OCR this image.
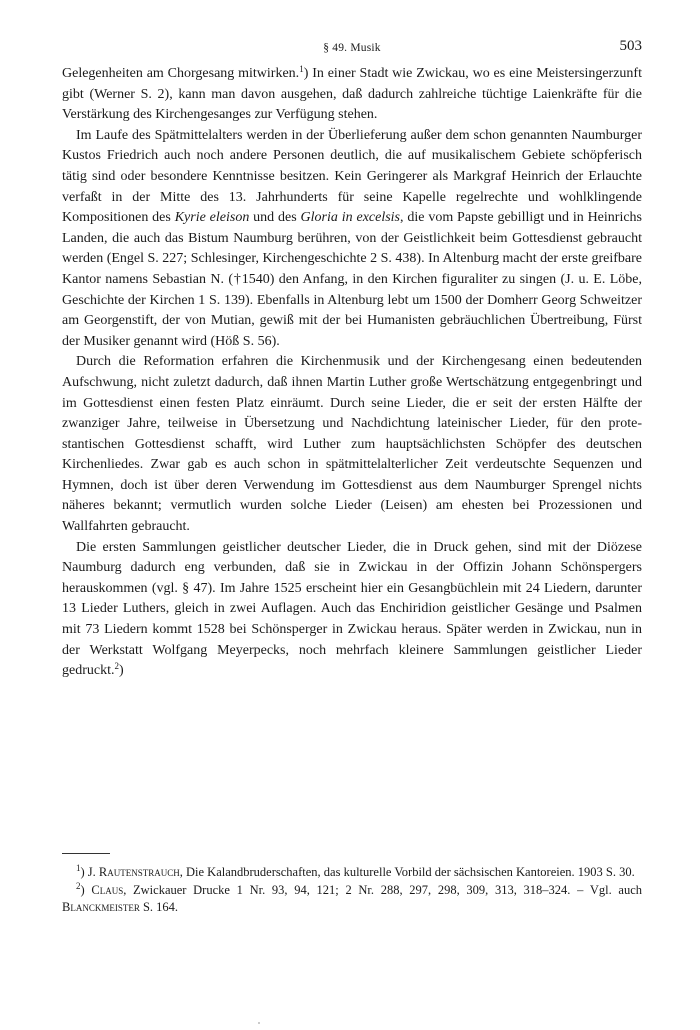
§ 49. Musik	503

Gelegenheiten am Chorgesang mitwirken.$^1$) In einer Stadt wie Zwickau, wo es eine Meistersingerzunft gibt (Werner S. 2), kann man davon ausgehen, daß dadurch zahlreiche tüchtige Laienkräfte für die Verstärkung des Kirchengesanges zur Verfügung stehen.

Im Laufe des Spätmittelalters werden in der Überlieferung außer dem schon genannten Naumburger Kustos Friedrich auch noch andere Personen deutlich, die auf musikalischem Gebiete schöpferisch tätig sind oder besondere Kenntnisse besitzen. Kein Geringerer als Markgraf Heinrich der Erlauchte verfaßt in der Mitte des 13. Jahrhunderts für seine Kapelle regelrechte und wohlklingende Kompositionen des Kyrie eleison und des Gloria in excelsis, die vom Papste gebilligt und in Heinrichs Landen, die auch das Bistum Naumburg berühren, von der Geistlichkeit beim Gottesdienst gebraucht werden (Engel S. 227; Schlesinger, Kirchengeschichte 2 S. 438). In Altenburg macht der erste greifbare Kantor namens Sebastian N. (†1540) den Anfang, in den Kirchen figuraliter zu singen (J. u. E. Löbe, Geschichte der Kirchen 1 S. 139). Ebenfalls in Altenburg lebt um 1500 der Domherr Georg Schweitzer am Georgenstift, der von Mutian, gewiß mit der bei Humanisten gebräuchlichen Übertreibung, Fürst der Musiker genannt wird (Höß S. 56).

Durch die Reformation erfahren die Kirchenmusik und der Kirchengesang einen bedeutenden Aufschwung, nicht zuletzt dadurch, daß ihnen Martin Luther große Wertschätzung entgegenbringt und im Gottesdienst einen festen Platz einräumt. Durch seine Lieder, die er seit der ersten Hälfte der zwanziger Jahre, teilweise in Übersetzung und Nachdichtung lateinischer Lieder, für den protestantischen Gottesdienst schafft, wird Luther zum hauptsächlichsten Schöpfer des deutschen Kirchenliedes. Zwar gab es auch schon in spätmittelalterlicher Zeit verdeutschte Sequenzen und Hymnen, doch ist über deren Verwendung im Gottesdienst aus dem Naumburger Sprengel nichts näheres bekannt; vermutlich wurden solche Lieder (Leisen) am ehesten bei Prozessionen und Wallfahrten gebraucht.

Die ersten Sammlungen geistlicher deutscher Lieder, die in Druck gehen, sind mit der Diözese Naumburg dadurch eng verbunden, daß sie in Zwickau in der Offizin Johann Schönspergers herauskommen (vgl. § 47). Im Jahre 1525 erscheint hier ein Gesangbüchlein mit 24 Liedern, darunter 13 Lieder Luthers, gleich in zwei Auflagen. Auch das Enchiridion geistlicher Gesänge und Psalmen mit 73 Liedern kommt 1528 bei Schönsperger in Zwickau heraus. Später werden in Zwickau, nun in der Werkstatt Wolfgang Meyerpecks, noch mehrfach kleinere Sammlungen geistlicher Lieder gedruckt.$^2$)

$^1$) J. Rautenstrauch, Die Kalandbruderschaften, das kulturelle Vorbild der sächsischen Kantoreien. 1903 S. 30.

$^2$) Claus, Zwickauer Drucke 1 Nr. 93, 94, 121; 2 Nr. 288, 297, 298, 309, 313, 318–324. – Vgl. auch Blanckmeister S. 164.
